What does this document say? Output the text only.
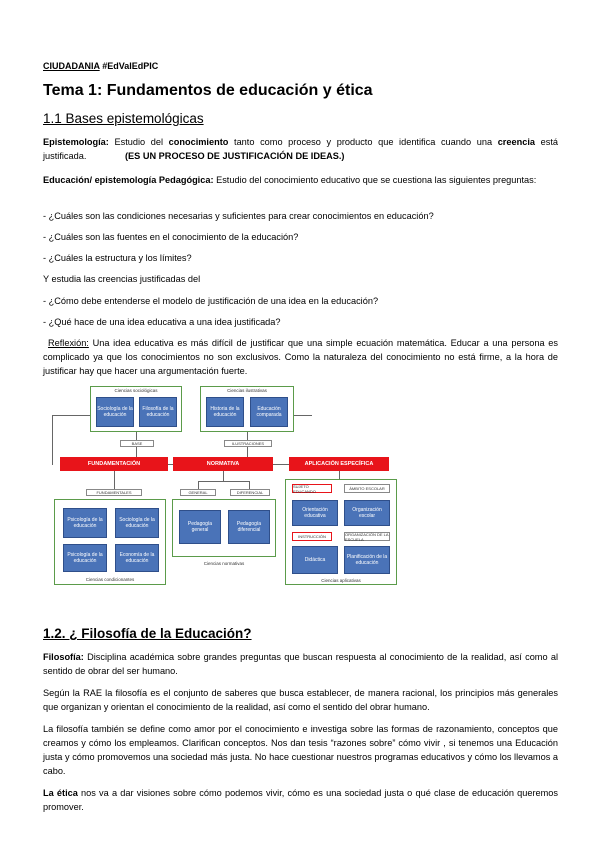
CIUDADANIA #EdValEdPIC
Tema 1: Fundamentos de educación y ética
1.1 Bases epistemológicas

Epistemología: Estudio del conocimiento tanto como proceso y producto que identifica cuando una creencia está justificada.	(ES UN PROCESO DE JUSTIFICACIÓN DE IDEAS.)

Educación/ epistemología Pedagógica: Estudio del conocimiento educativo que se cuestiona las siguientes preguntas:

- ¿Cuáles son las condiciones necesarias y suficientes para crear conocimientos en educación?

- ¿Cuáles son las fuentes en el conocimiento de la educación?

- ¿Cuáles la estructura y los límites?

Y estudia las creencias justificadas del

- ¿Cómo debe entenderse el modelo de justificación de una idea en la educación?

- ¿Qué hace de una idea educativa a una idea justificada?

Reflexión: Una idea educativa es más difícil de justificar que una simple ecuación matemática. Educar a una persona es complicado ya que los conocimientos no son exclusivos. Como la naturaleza del conocimiento no está firme, a la hora de justificar hay que hacer una argumentación fuerte.

Ciencias sociológicas
Sociología de la educación
Filosofía de la educación
Ciencias ilustrativas
Historia de la educación
Educación comparada
BASE	ILUSTRACIONES
FUNDAMENTACIÓN	NORMATIVA	APLICACIÓN ESPECÍFICA
FUNDAMENTALES
Psicología de la educación
Sociología de la educación
Psicología de la educación
Economía de la educación
Ciencias condicionantes
GENERAL	DIFERENCIAL
Pedagogía general
Pedagogía diferencial
Ciencias normativas
SUJETO EDUCANDO	ÁMBITO ESCOLAR
Orientación educativa
Organización escolar
INSTRUCCIÓN	ORGANIZACIÓN DE LA ESCUELA
Didáctica	Planificación de la educación
Ciencias aplicativas
1.2. ¿ Filosofía de la Educación?

Filosofía: Disciplina académica sobre grandes preguntas que buscan respuesta al conocimiento de la realidad, así como al sentido de obrar del ser humano.

Según la RAE la filosofía es el conjunto de saberes que busca establecer, de manera racional, los principios más generales que organizan y orientan el conocimiento de la realidad, así como el sentido del obrar humano.

La filosofía también se define como amor por el conocimiento e investiga sobre las formas de razonamiento, conceptos que creamos y cómo los empleamos. Clarifican conceptos. Nos dan tesis “razones sobre” cómo vivir , si tenemos una Educación justa y cómo promovemos una sociedad más justa. No hace cuestionar nuestros programas educativos y cómo los llevamos a cabo.

La ética nos va a dar visiones sobre cómo podemos vivir, cómo es una sociedad justa o qué clase de educación queremos promover.
